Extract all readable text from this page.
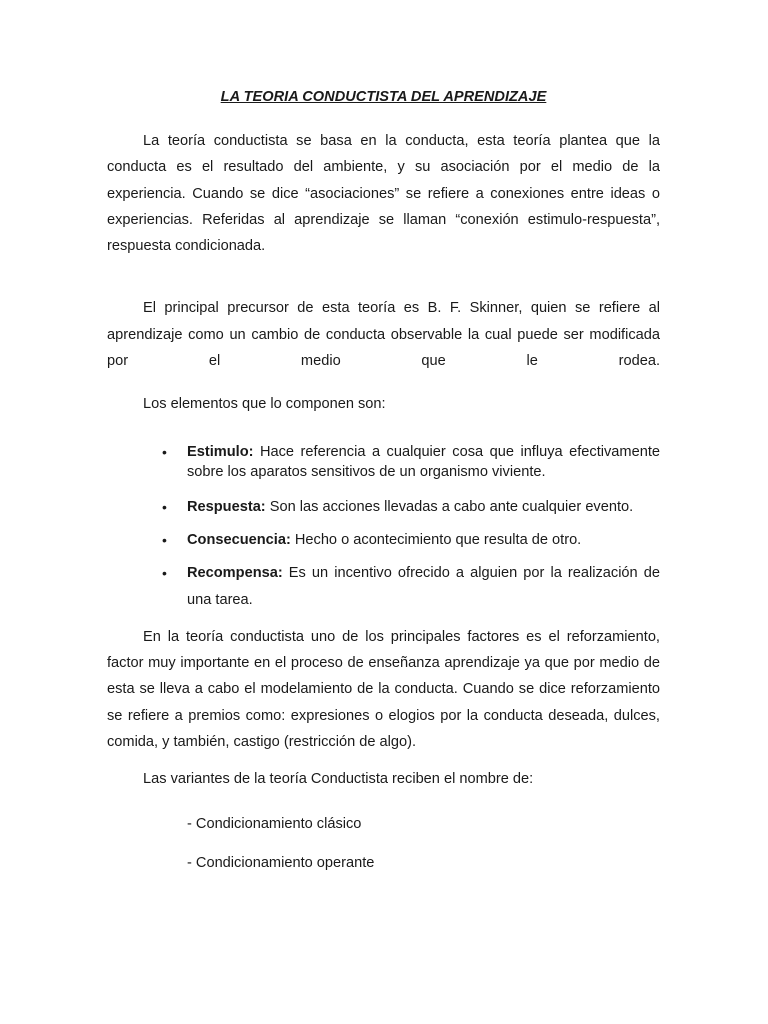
LA TEORIA CONDUCTISTA DEL APRENDIZAJE

La teoría conductista se basa en la conducta, esta teoría plantea que la conducta es el resultado del ambiente, y su asociación por el medio de la experiencia. Cuando se dice “asociaciones” se refiere a conexiones entre ideas o experiencias. Referidas al aprendizaje se llaman “conexión estimulo-respuesta”, respuesta condicionada.

El principal precursor de esta teoría es B. F. Skinner, quien se refiere al aprendizaje como un cambio de conducta observable la cual puede ser modificada por el medio que le rodea.

Los elementos que lo componen son:

• Estimulo: Hace referencia a cualquier cosa que influya efectivamente sobre los aparatos sensitivos de un organismo viviente.
• Respuesta: Son las acciones llevadas a cabo ante cualquier evento.
• Consecuencia: Hecho o acontecimiento que resulta de otro.
• Recompensa: Es un incentivo ofrecido a alguien por la realización de una tarea.

En la teoría conductista uno de los principales factores es el reforzamiento, factor muy importante en el proceso de enseñanza aprendizaje ya que por medio de esta se lleva a cabo el modelamiento de la conducta. Cuando se dice reforzamiento se refiere a premios como: expresiones o elogios por la conducta deseada, dulces, comida, y también, castigo (restricción de algo).

Las variantes de la teoría Conductista reciben el nombre de:

- Condicionamiento clásico

- Condicionamiento operante
